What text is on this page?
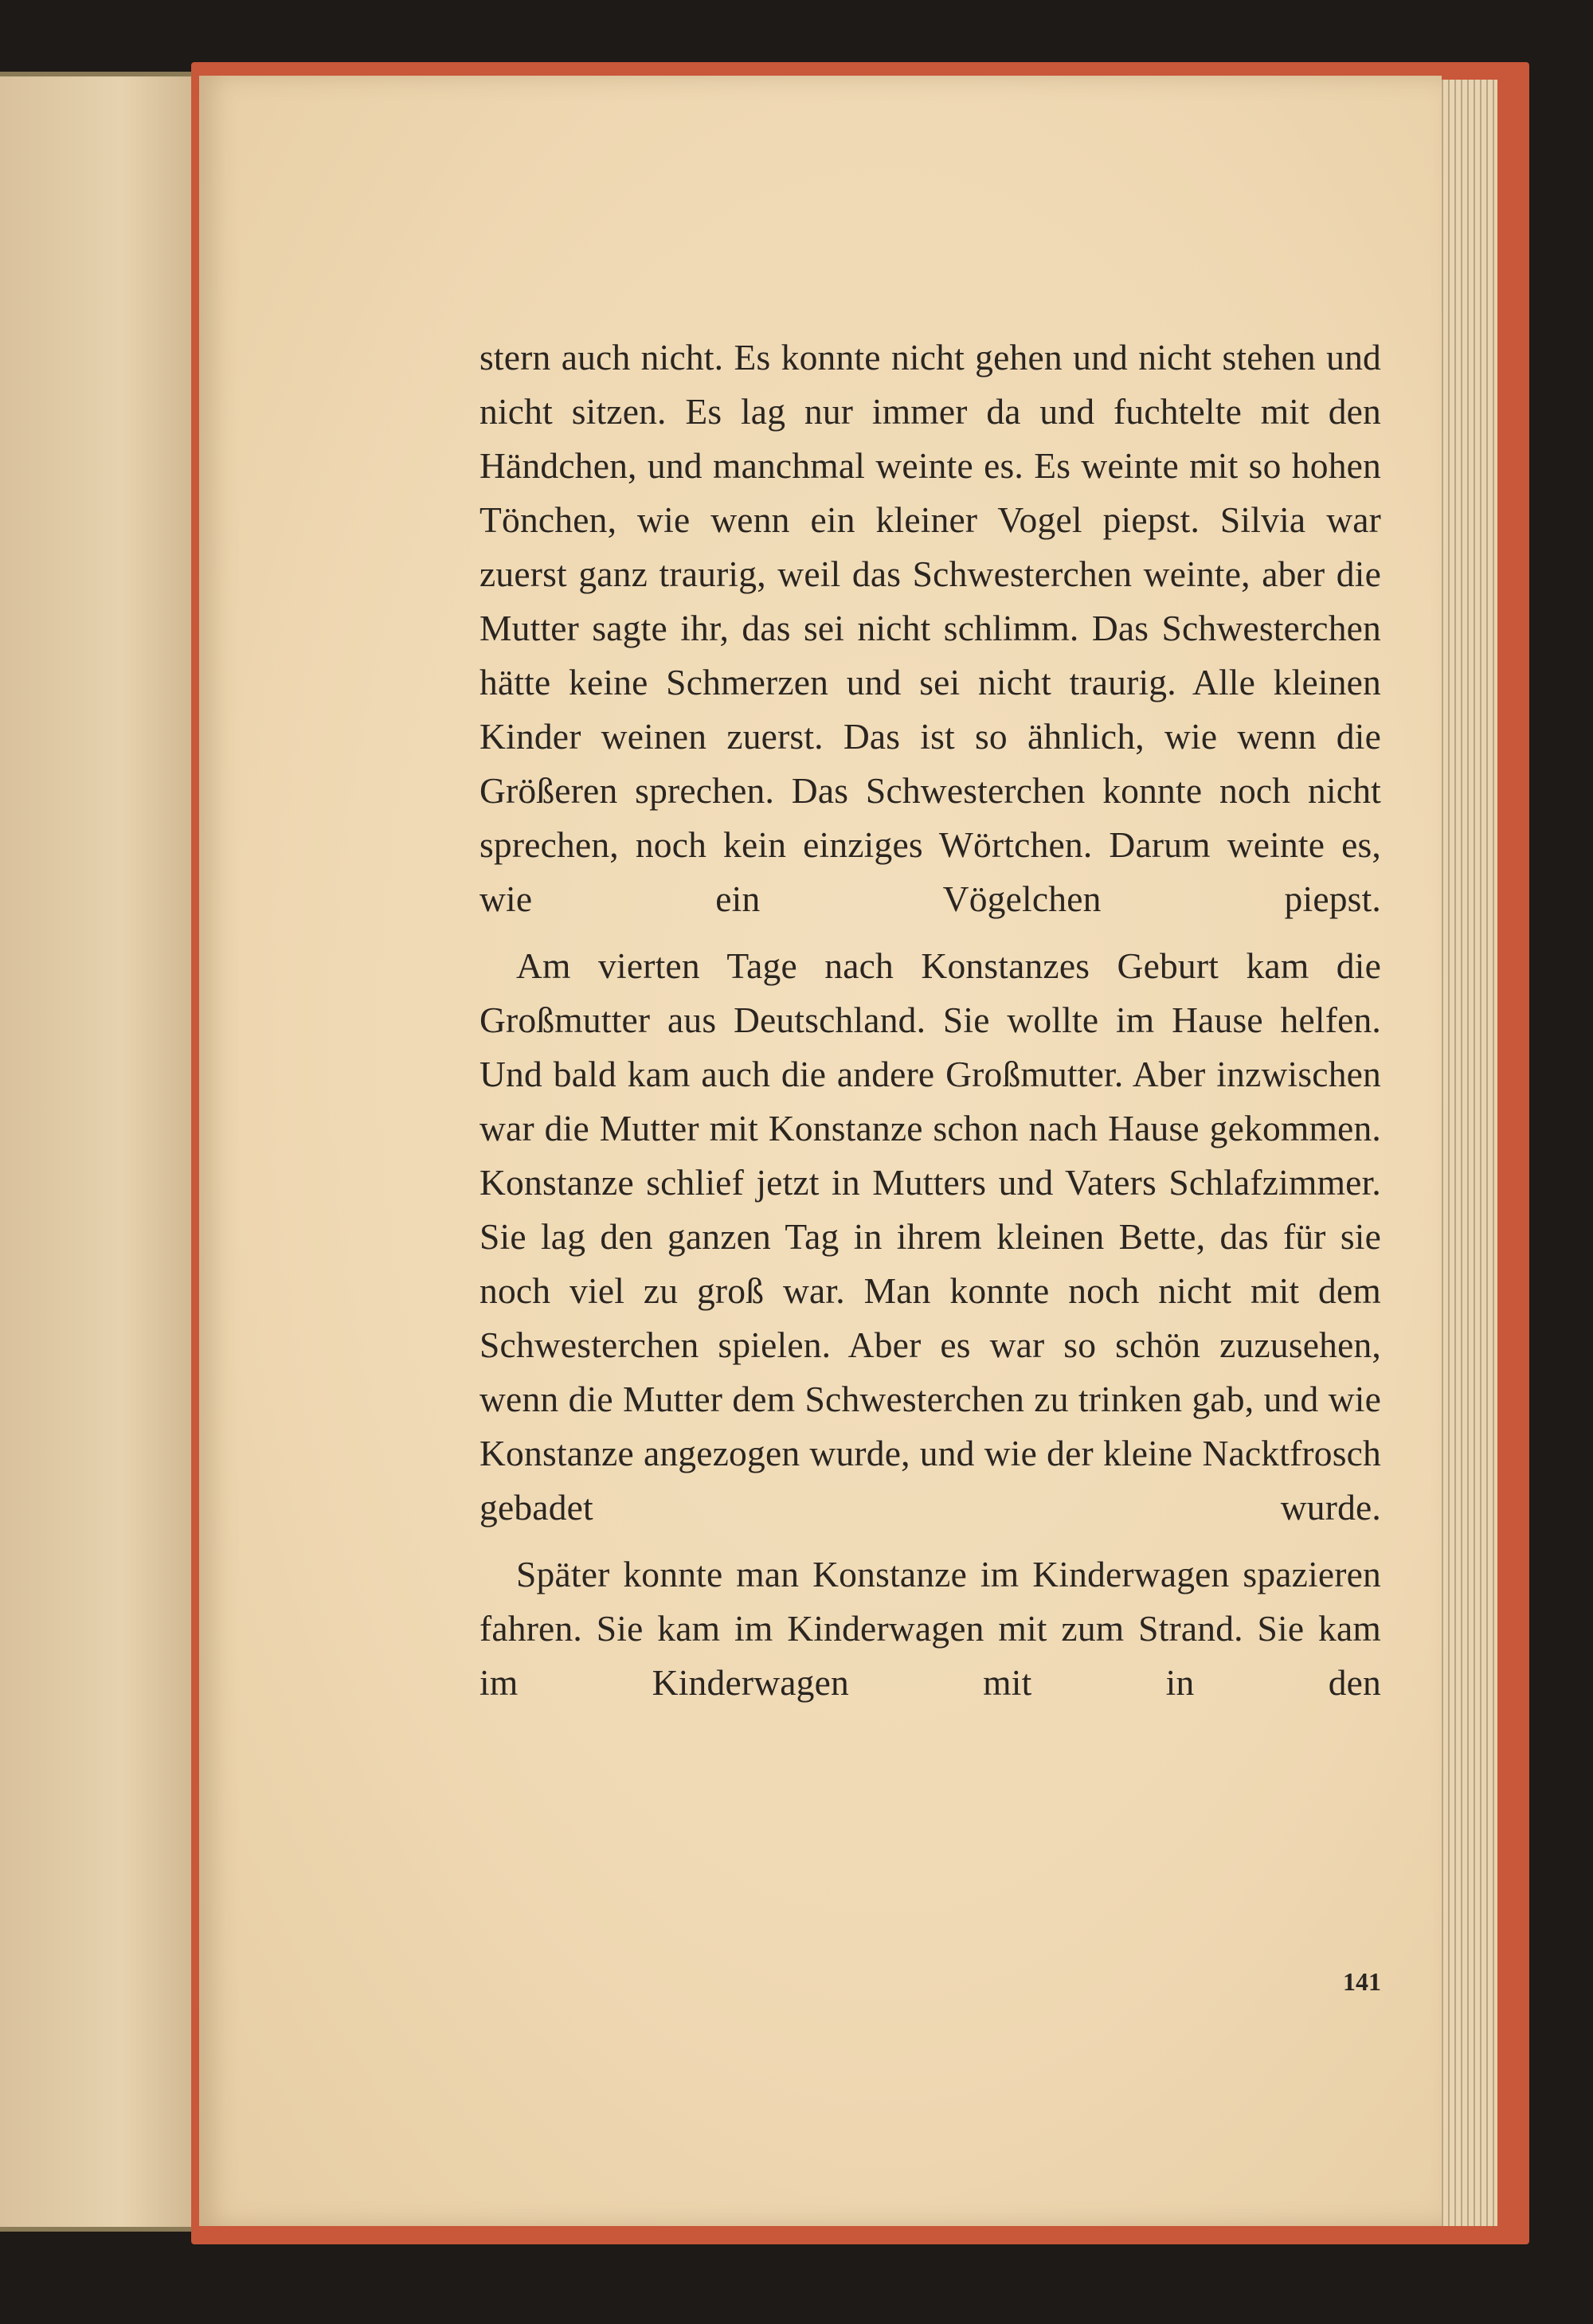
stern auch nicht. Es konnte nicht gehen und nicht stehen und nicht sitzen. Es lag nur immer da und fuchtelte mit den Händchen, und manchmal weinte es. Es weinte mit so hohen Tönchen, wie wenn ein kleiner Vogel piepst. Silvia war zuerst ganz traurig, weil das Schwesterchen weinte, aber die Mutter sagte ihr, das sei nicht schlimm. Das Schwesterchen hätte keine Schmerzen und sei nicht traurig. Alle kleinen Kinder weinen zuerst. Das ist so ähnlich, wie wenn die Größeren sprechen. Das Schwesterchen konnte noch nicht sprechen, noch kein einziges Wörtchen. Darum weinte es, wie ein Vögelchen piepst.

Am vierten Tage nach Konstanzes Geburt kam die Großmutter aus Deutschland. Sie wollte im Hause helfen. Und bald kam auch die andere Großmutter. Aber inzwischen war die Mutter mit Konstanze schon nach Hause gekommen. Konstanze schlief jetzt in Mutters und Vaters Schlafzimmer. Sie lag den ganzen Tag in ihrem kleinen Bette, das für sie noch viel zu groß war. Man konnte noch nicht mit dem Schwesterchen spielen. Aber es war so schön zuzusehen, wenn die Mutter dem Schwesterchen zu trinken gab, und wie Konstanze angezogen wurde, und wie der kleine Nacktfrosch gebadet wurde.

Später konnte man Konstanze im Kinderwagen spazieren fahren. Sie kam im Kinderwagen mit zum Strand. Sie kam im Kinderwagen mit in den

141
